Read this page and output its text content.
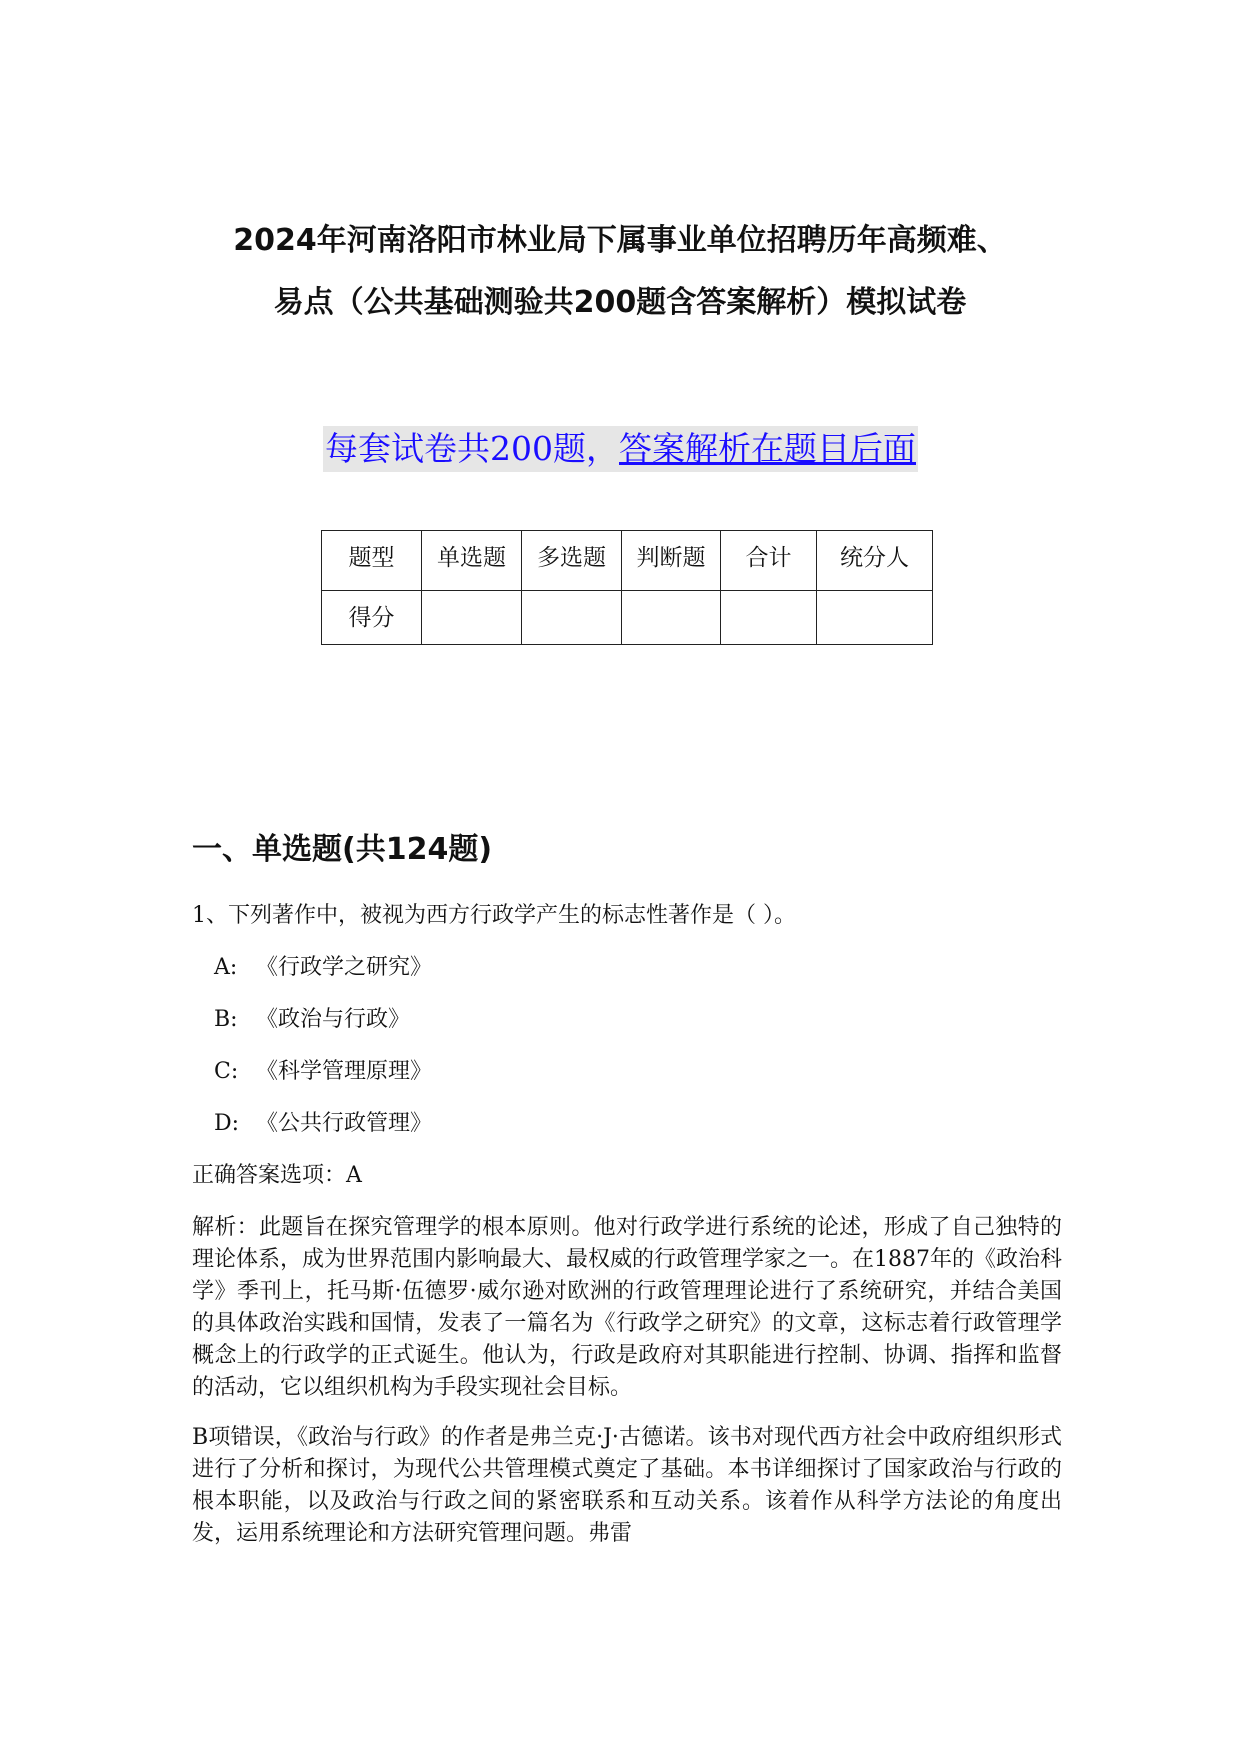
2024年河南洛阳市林业局下属事业单位招聘历年高频难、
易点（公共基础测验共200题含答案解析）模拟试卷
每套试卷共200题，答案解析在题目后面
题型	单选题	多选题	判断题	合计	统分人
得分					
一、单选题(共124题)

1、下列著作中，被视为西方行政学产生的标志性著作是（ ）。

A: 《行政学之研究》
B: 《政治与行政》
C: 《科学管理原理》
D: 《公共行政管理》

正确答案选项：A

解析：此题旨在探究管理学的根本原则。他对行政学进行系统的论述，形成了自己独特的理论体系，成为世界范围内影响最大、最权威的行政管理学家之一。在1887年的《政治科学》季刊上，托马斯·伍德罗·威尔逊对欧洲的行政管理理论进行了系统研究，并结合美国的具体政治实践和国情，发表了一篇名为《行政学之研究》的文章，这标志着行政管理学概念上的行政学的正式诞生。他认为，行政是政府对其职能进行控制、协调、指挥和监督的活动，它以组织机构为手段实现社会目标。

B项错误，《政治与行政》的作者是弗兰克·J·古德诺。该书对现代西方社会中政府组织形式进行了分析和探讨，为现代公共管理模式奠定了基础。本书详细探讨了国家政治与行政的根本职能，以及政治与行政之间的紧密联系和互动关系。该着作从科学方法论的角度出发，运用系统理论和方法研究管理问题。弗雷
